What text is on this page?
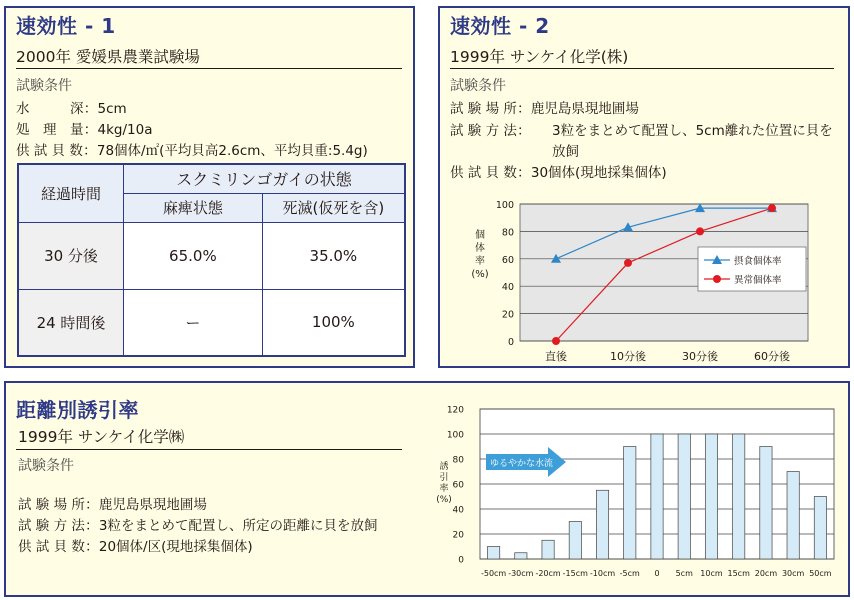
速効性 - 1
2000年 愛媛県農業試験場
試験条件
水　　　深：5cm
処　理　量：4kg/10a
供 試 貝 数：78個体/㎡(平均貝高2.6cm、平均貝重:5.4g)
経過時間	スクミリンゴガイの状態	
	麻痺状態	死滅(仮死を含)
30 分後	65.0%	35.0%
24 時間後	ー	100%
速効性 - 2
1999年 サンケイ化学(株)
試験条件
試 験 場 所：鹿児島県現地圃場
試 験 方 法 ： 3粒をまとめて配置し、5cm離れた位置に貝を放飼
供 試 貝 数：30個体(現地採集個体)
0
20
40
60
80
100
直後	10分後	30分後	60分後
個
体
率
(%)
摂食個体率
異常個体率
距離別誘引率
1999年 サンケイ化学㈱
試験条件
試 験 場 所：鹿児島県現地圃場
試 験 方 法：3粒をまとめて配置し、所定の距離に貝を放飼
供 試 貝 数：20個体/区(現地採集個体)
0
20
40
60
80
100
120
-50cm -30cm -20cm -15cm -10cm -5cm 0 5cm 10cm 15cm 20cm 30cm 50cm
誘
引
率
(%)
ゆるやかな水流
